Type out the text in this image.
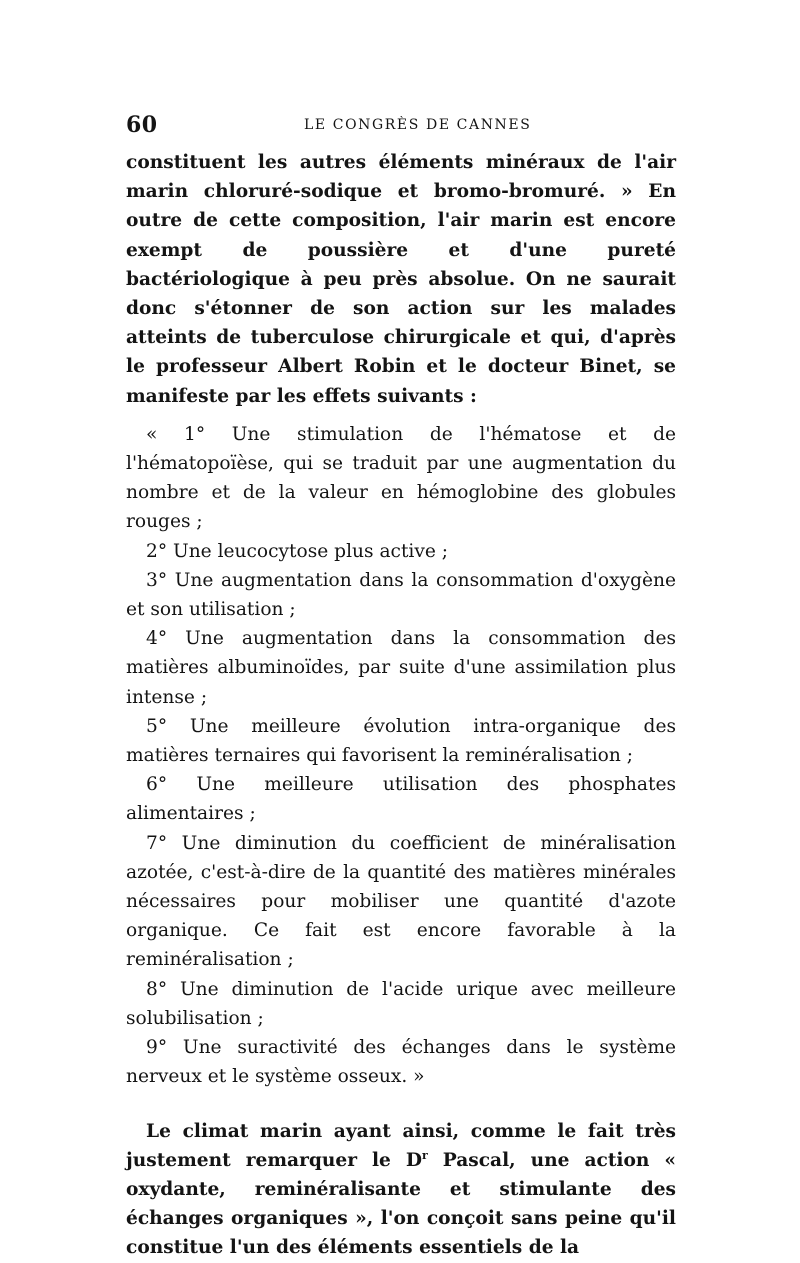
60	LE CONGRÈS DE CANNES

constituent les autres éléments minéraux de l'air marin chloruré-sodique et bromo-bromuré. » En outre de cette composition, l'air marin est encore exempt de poussière et d'une pureté bactériologique à peu près absolue. On ne saurait donc s'étonner de son action sur les malades atteints de tuberculose chirurgicale et qui, d'après le professeur Albert Robin et le docteur Binet, se manifeste par les effets suivants :

« 1° Une stimulation de l'hématose et de l'hématopoïèse, qui se traduit par une augmentation du nombre et de la valeur en hémoglobine des globules rouges ;

2° Une leucocytose plus active ;

3° Une augmentation dans la consommation d'oxygène et son utilisation ;

4° Une augmentation dans la consommation des matières albuminoïdes, par suite d'une assimilation plus intense ;

5° Une meilleure évolution intra-organique des matières ternaires qui favorisent la reminéralisation ;

6° Une meilleure utilisation des phosphates alimentaires ;

7° Une diminution du coefficient de minéralisation azotée, c'est-à-dire de la quantité des matières minérales nécessaires pour mobiliser une quantité d'azote organique. Ce fait est encore favorable à la reminéralisation ;

8° Une diminution de l'acide urique avec meilleure solubilisation ;

9° Une suractivité des échanges dans le système nerveux et le système osseux. »

Le climat marin ayant ainsi, comme le fait très justement remarquer le $D^r$ Pascal, une action « oxydante, reminéralisante et stimulante des échanges organiques », l'on conçoit sans peine qu'il constitue l'un des éléments essentiels de la
